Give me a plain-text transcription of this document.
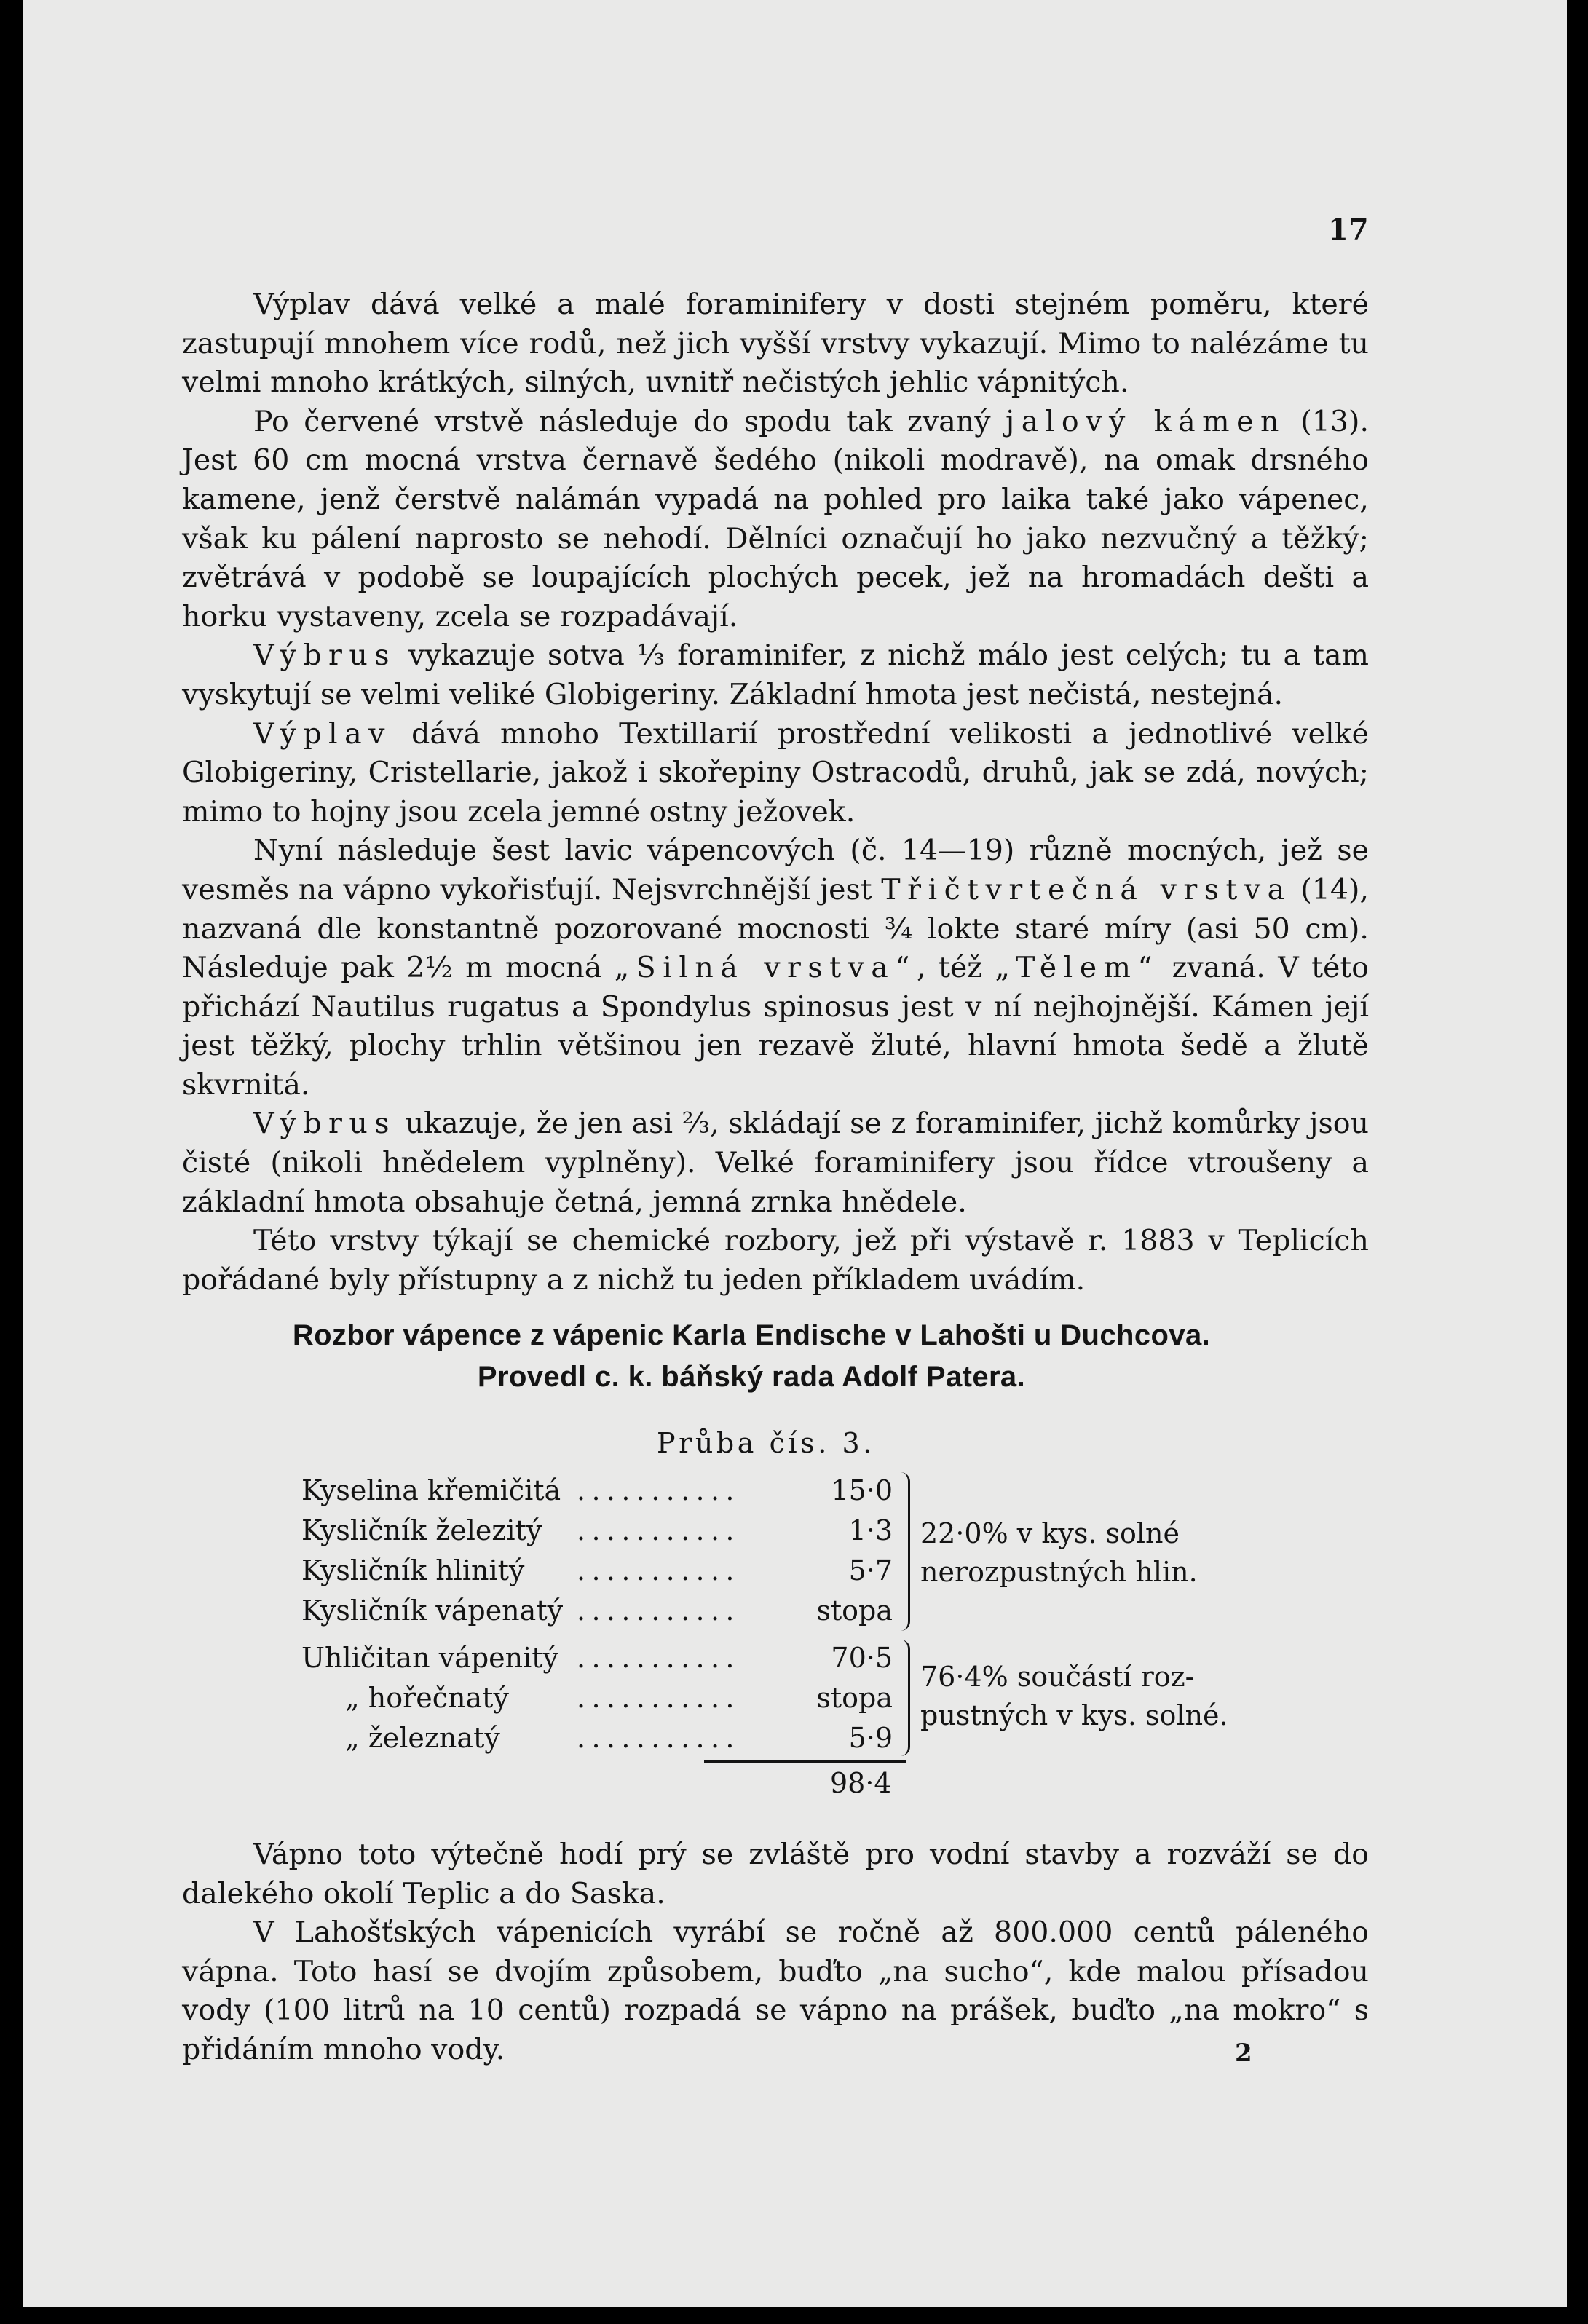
17

Výplav dává velké a malé foraminifery v dosti stejném poměru, které zastupují mnohem více rodů, než jich vyšší vrstvy vykazují. Mimo to nalézáme tu velmi mnoho krátkých, silných, uvnitř nečistých jehlic vápnitých.

Po červené vrstvě následuje do spodu tak zvaný jalový kámen (13). Jest 60 cm mocná vrstva černavě šedého (nikoli modravě), na omak drsného kamene, jenž čerstvě nalámán vypadá na pohled pro laika také jako vápenec, však ku pálení naprosto se nehodí. Dělníci označují ho jako nezvučný a těžký; zvětrává v podobě se loupajících plochých pecek, jež na hromadách dešti a horku vystaveny, zcela se rozpadávají.

Výbrus vykazuje sotva ⅓ foraminifer, z nichž málo jest celých; tu a tam vyskytují se velmi veliké Globigeriny. Základní hmota jest nečistá, nestejná.

Výplav dává mnoho Textillarií prostřední velikosti a jednotlivé velké Globigeriny, Cristellarie, jakož i skořepiny Ostracodů, druhů, jak se zdá, nových; mimo to hojny jsou zcela jemné ostny ježovek.

Nyní následuje šest lavic vápencových (č. 14—19) různě mocných, jež se vesměs na vápno vykořisťují. Nejsvrchnější jest Třičtvrtečná vrstva (14), nazvaná dle konstantně pozorované mocnosti ¾ lokte staré míry (asi 50 cm). Následuje pak 2½ m mocná „Silná vrstva“, též „Tělem“ zvaná. V této přichází Nautilus rugatus a Spondylus spinosus jest v ní nejhojnější. Kámen její jest těžký, plochy trhlin většinou jen rezavě žluté, hlavní hmota šedě a žlutě skvrnitá.

Výbrus ukazuje, že jen asi ⅔, skládají se z foraminifer, jichž komůrky jsou čisté (nikoli hnědelem vyplněny). Velké foraminifery jsou řídce vtroušeny a základní hmota obsahuje četná, jemná zrnka hnědele.

Této vrstvy týkají se chemické rozbory, jež při výstavě r. 1883 v Teplicích pořádané byly přístupny a z nichž tu jeden příkladem uvádím.

Rozbor vápence z vápenic Karla Endische v Lahošti u Duchcova.
Provedl c. k. báňský rada Adolf Patera.
Průba čís. 3.
Kyselina křemičitá ...........	15·0
Kysličník železitý ...........	1·3
Kysličník hlinitý ...........	5·7
Kysličník vápenatý ...........	stopa
Uhličitan vápenitý ...........	70·5
„ hořečnatý ...........	stopa
„ železnatý	...........	5·9
22·0% v kys. solné
nerozpustných hlin.
76·4% součástí roz-
pustných v kys. solné.
98·4

Vápno toto výtečně hodí prý se zvláště pro vodní stavby a rozváží se do dalekého okolí Teplic a do Saska.

V Lahošťských vápenicích vyrábí se ročně až 800.000 centů páleného vápna. Toto hasí se dvojím způsobem, buďto „na sucho“, kde malou přísadou vody (100 litrů na 10 centů) rozpadá se vápno na prášek, buďto „na mokro“ s přidáním mnoho vody.	2
